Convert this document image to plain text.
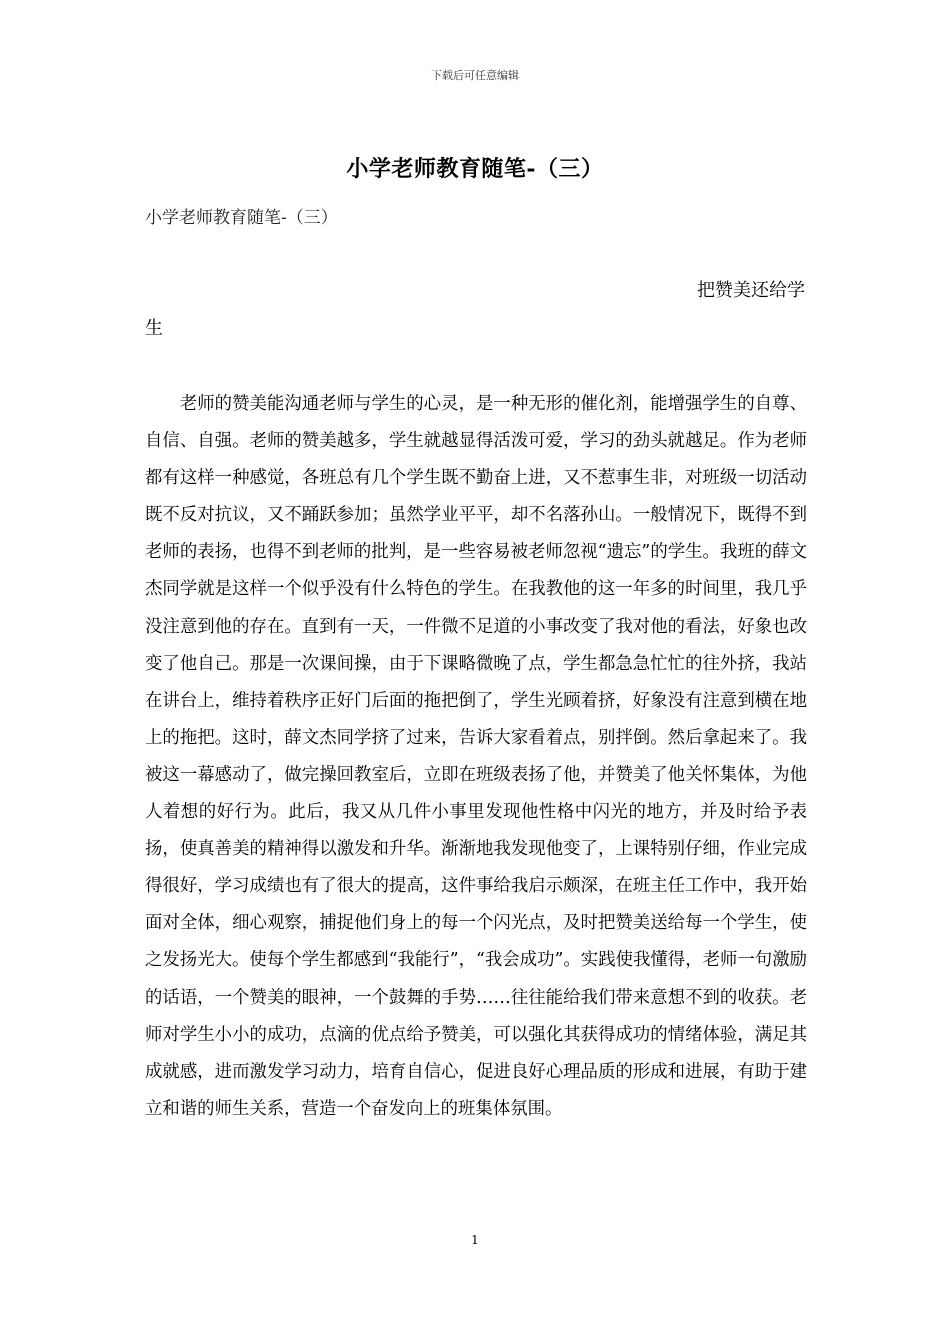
下载后可任意编辑
小学老师教育随笔-（三）
小学老师教育随笔-（三）
把赞美还给学
生

老师的赞美能沟通老师与学生的心灵，是一种无形的催化剂，能增强学生的自尊、自信、自强。老师的赞美越多，学生就越显得活泼可爱，学习的劲头就越足。作为老师都有这样一种感觉，各班总有几个学生既不勤奋上进，又不惹事生非，对班级一切活动既不反对抗议，又不踊跃参加；虽然学业平平，却不名落孙山。一般情况下，既得不到老师的表扬，也得不到老师的批判，是一些容易被老师忽视“遗忘”的学生。我班的薛文杰同学就是这样一个似乎没有什么特色的学生。在我教他的这一年多的时间里，我几乎没注意到他的存在。直到有一天，一件微不足道的小事改变了我对他的看法，好象也改变了他自己。那是一次课间操，由于下课略微晚了点，学生都急急忙忙的往外挤，我站在讲台上，维持着秩序正好门后面的拖把倒了，学生光顾着挤，好象没有注意到横在地上的拖把。这时，薛文杰同学挤了过来，告诉大家看着点，别拌倒。然后拿起来了。我被这一幕感动了，做完操回教室后，立即在班级表扬了他，并赞美了他关怀集体，为他人着想的好行为。此后，我又从几件小事里发现他性格中闪光的地方，并及时给予表扬，使真善美的精神得以激发和升华。渐渐地我发现他变了，上课特别仔细，作业完成得很好，学习成绩也有了很大的提高，这件事给我启示颇深，在班主任工作中，我开始面对全体，细心观察，捕捉他们身上的每一个闪光点，及时把赞美送给每一个学生，使之发扬光大。使每个学生都感到“我能行”，“我会成功”。实践使我懂得，老师一句激励的话语，一个赞美的眼神，一个鼓舞的手势……往往能给我们带来意想不到的收获。老师对学生小小的成功，点滴的优点给予赞美，可以强化其获得成功的情绪体验，满足其成就感，进而激发学习动力，培育自信心，促进良好心理品质的形成和进展，有助于建立和谐的师生关系，营造一个奋发向上的班集体氛围。

1
